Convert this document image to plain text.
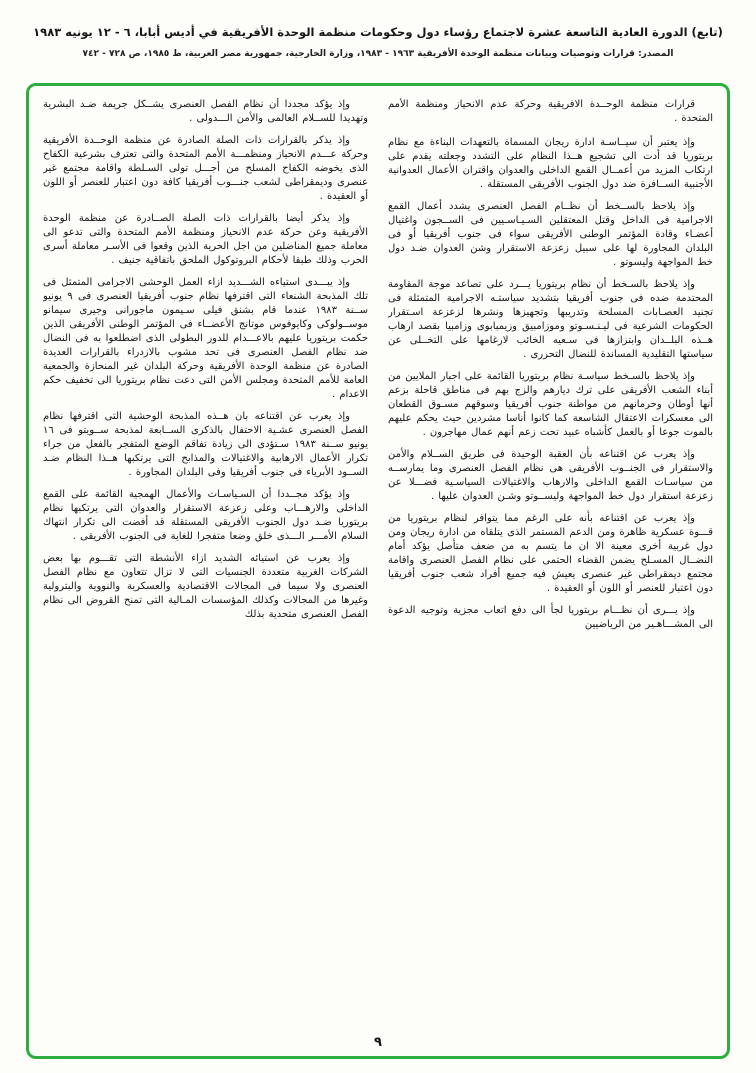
(تابع) الدورة العادية التاسعة عشرة لاجتماع رؤساء دول وحكومات منظمة الوحدة الأفريقية في أديس أبابا، ٦ - ١٢ يونيه ١٩٨٣
المصدر: قرارات وتوصيات وبيانات منظمة الوحدة الأفريقية ١٩٦٣ - ١٩٨٣، وزارة الخارجية، جمهورية مصر العربية، ط ١٩٨٥، ص ٧٢٨ - ٧٤٢

قرارات منظمة الوحــدة الافريقية وحركة عدم الانحياز ومنظمة الأمم المتحدة .

وإذ يعتبر أن سيــاسـة ادارة ريجان المسماة بالتعهدات البناءة مع نظام بريتوريا قد أدت الى تشجيع هــذا النظام على التشدد وجعلته يقدم على ارتكاب المزيد من أعمــال القمع الداخلى والعدوان واقتران الأعمال العدوانية الأجنبية الســافرة ضد دول الجنوب الأفريقى المستقلة .

وإذ يلاحظ بالســخط أن نظــام الفصل العنصرى يشدد أعمال القمع الاجرامية فى الداخل وقتل المعتقلين السـيـاسـيين فى الســجون واغتيال أعضـاء وقادة المؤتمر الوطنى الأفريقى سواء فى جنوب أفريقيا أو فى البلدان المجاورة لها على سبيل زعزعة الاستقرار وشن العدوان ضـد دول خط المواجهة وليسوتو .

وإذ يلاحظ بالسـخط أن نظام بريتوريا يـــرد على تصاعد موجة المقاومة المحتدمة ضده فى جنوب أفريقيا بتشديد سياستـه الاجرامية المتمثلة فى تجنيد العصـابات المسلحة وتدريبها وتجهيزها ونشرها لزعزعة اسـتقرار الحكومات الشرعية فى ليـنـسـوتو وموزامبيق وزيمبابوى وزامبيا بقصد ارهاب هــذه البلــدان وابتزازها فى سـعيه الخائب لارغامها على التخــلى عن سياستها التقليدية المساندة للنضال التحررى .

وإذ يلاحظ بالسـخط سياسـة نظام بريتوريا القائمة على اجبار الملايين من أبناء الشعب الأفريقى على ترك ديارهم والزج بهم فى مناطق قاحلة بزعم أنها أوطان وحرمانهم من مواطنة جنوب أفريقيا وسوقهم مسـوق القطعان الى معسكرات الاعتقال الشاسعة كما كانوا أناسا مشردين حيث يحكم عليهم بالموت جوعا أو بالعمل كأشباه عبيد تحت زعم أنهم عمال مهاجرون .

وإذ يعرب عن اقتناعه بأن العقبة الوحيدة فى طريق الســلام والأمن والاستقرار فى الجنــوب الأفريقى هى نظام الفصل العنصرى وما يمارســه من سياسـات القمع الداخلى والارهاب والاغتيالات السياسـية فضـــلا عن زعزعة استقرار دول خط المواجهة وليســوتو وشـن العدوان عليها .

وإذ يعرب عن اقتناعه بأنه على الرغم مما يتوافر لنظام بريتوريا من قـــوة عسكرية ظاهرة ومن الدعم المستمر الذى يتلقاه من ادارة ريجان ومن دول غربية أخرى معينة الا ان ما يتسم به من ضعف متأصل يؤكد أمام النضــال المسـلح يضمن القضاء الحتمى على نظام الفصل العنصرى واقامة مجتمع ديمقراطى غير عنصرى يعيش فيه جميع أفراد شعب جنوب أفريقيا دون اعتبار للعنصر أو اللون أو العقيدة .

وإذ يـــرى أن نظـــام بريتوريا لجأ الى دفع اتعاب مجزية وتوجيه الدعوة الى المشـــاهـير من الرياضيين

وإذ يؤكد مجددا أن نظام الفصل العنصرى يشــكل جريمة ضـد البشرية وتهديدا للســلام العالمى والأمن الـــدولى .

وإذ يذكر بالقرارات ذات الصلة الصادرة عن منظمة الوحــدة الأفريقية وحركة عـــدم الانحياز ومنظمـــة الأمم المتحدة والتى تعترف بشرعية الكفاح الذى يخوضه الكفاح المسلح من أجـــل تولى السـلطة واقامة مجتمع غير عنصرى وديمقراطى لشعب جنـــوب أفريقيا كافة دون اعتبار للعنصر أو اللون أو العقيدة .

وإذ يذكر أيضا بالقرارات ذات الصلة الصــادرة عن منظمة الوحدة الأفريقية وعن حركة عدم الانحياز ومنظمة الأمم المتحدة والتى تدعو الى معاملة جميع المناضلين من اجل الحرية الذين وقعوا فى الأسـر معاملة أسرى الحرب وذلك طبقا لأحكام البروتوكول الملحق باتفاقية جنيف .

وإذ يبـــدى استياءه الشـــديد ازاء العمل الوحشى الاجرامى المتمثل فى تلك المذبحة الشنعاء التى اقترفها نظام جنوب أفريقيا العنصرى فى ٩ يونيو ســنة ١٩٨٣ عندما قام بشنق فيلى سـيمون ماجورانى وجيرى سيمانو موســولوكى وكايوفوس موتانج الأعضــاء فى المؤتمر الوطنى الأفريقى الذين حكمت بريتوريا عليهم بالاعـــدام للدور البطولى الذى اضطلعوا به فى النضال ضد نظام الفصل العنصرى فى تحد مشوب بالازدراء بالقرارات العديدة الصادرة عن منظمة الوحدة الأفريقية وحركة البلدان غير المنحازة والجمعية العامة للأمم المتحدة ومجلس الأمن التى دعت نظام بريتوريا الى تخفيف حكم الاعدام .

وإذ يعرب عن اقتناعه بان هــذه المذبحة الوحشية التى اقترفها نظام الفصل العنصرى عشـية الاحتفال بالذكرى الســابعة لمذبحة ســويتو فى ١٦ يونيو ســنة ١٩٨٣ سـتؤدى الى زيادة تفاقم الوضع المتفجر بالفعل من جراء تكرار الأعمال الارهابية والاغتيالات والمذابح التى يرتكبها هــذا النظام ضـد الســود الأبرياء فى جنوب أفريقيا وفى البلدان المجاورة .

وإذ يؤكد مجــددا أن السـياسـات والأعمال الهمجية القائمة على القمع الداخلى والارهـــاب وعلى زعزعة الاستقرار والعدوان التى يرتكبها نظام بريتوريا ضـد دول الجنوب الأفريقى المستقلة قد أفضت الى تكرار انتهاك السلام الأمـــر الـــذى خلق وضعا متفجرا للغاية فى الجنوب الأفريقى .

وإذ يعرب عن استيائه الشديد ازاء الأنشطة التى تقـــوم بها بعض الشركات الغربية متعددة الجنسيات التى لا تزال تتعاون مع نظام الفصل العنصرى ولا سيما فى المجالات الاقتصادية والعسكرية والنووية والبترولية وغيرها من المجالات وكذلك المؤسسات المـالية التى تمنح القروض الى نظام الفصل العنصرى متحدية بذلك

٩
